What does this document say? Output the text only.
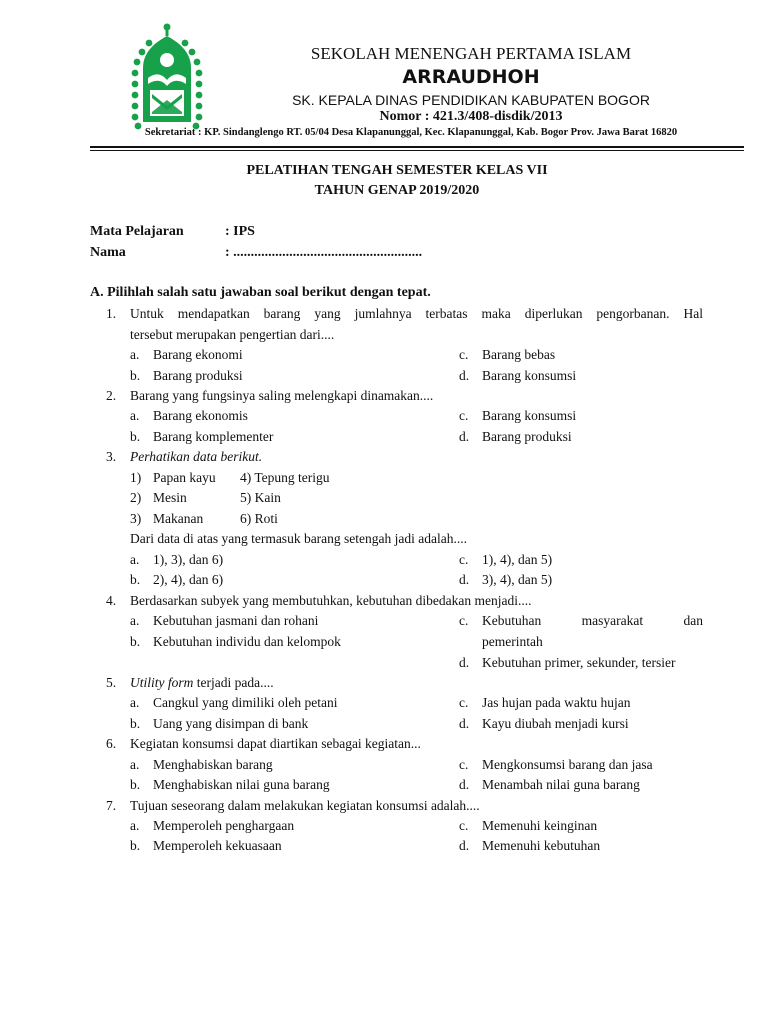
SEKOLAH MENENGAH PERTAMA ISLAM
ARRAUDHOH
SK. KEPALA DINAS PENDIDIKAN KABUPATEN BOGOR
Nomor : 421.3/408-disdik/2013
Sekretariat : KP. Sindanglengo RT. 05/04 Desa Klapanunggal, Kec. Klapanunggal, Kab. Bogor Prov. Jawa Barat 16820
PELATIHAN TENGAH SEMESTER KELAS VII
TAHUN GENAP 2019/2020
Mata Pelajaran	: IPS
Nama	: ......................................................
A. Pilihlah salah satu jawaban soal berikut dengan tepat.
1. Untuk mendapatkan barang yang jumlahnya terbatas maka diperlukan pengorbanan. Hal
tersebut merupakan pengertian dari....
a. Barang ekonomi	c. Barang bebas
b. Barang produksi	d. Barang konsumsi
2. Barang yang fungsinya saling melengkapi dinamakan....
a. Barang ekonomis	c. Barang konsumsi
b. Barang komplementer	d. Barang produksi
3. Perhatikan data berikut.
1) Papan kayu 4) Tepung terigu
2) Mesin	5) Kain
3) Makanan	6) Roti
Dari data di atas yang termasuk barang setengah jadi adalah....
a. 1), 3), dan 6)	c. 1), 4), dan 5)
b. 2), 4), dan 6)	d. 3), 4), dan 5)
4. Berdasarkan subyek yang membutuhkan, kebutuhan dibedakan menjadi....
a. Kebutuhan jasmani dan rohani	c. Kebutuhan masyarakat dan
pemerintah
b. Kebutuhan individu dan kelompok
d. Kebutuhan primer, sekunder, tersier
5. Utility form terjadi pada....
a. Cangkul yang dimiliki oleh petani	c. Jas hujan pada waktu hujan
b. Uang yang disimpan di bank	d. Kayu diubah menjadi kursi
6. Kegiatan konsumsi dapat diartikan sebagai kegiatan...
a. Menghabiskan barang	c. Mengkonsumsi barang dan jasa
b. Menghabiskan nilai guna barang	d. Menambah nilai guna barang
7. Tujuan seseorang dalam melakukan kegiatan konsumsi adalah....
a. Memperoleh penghargaan	c. Memenuhi keinginan
b. Memperoleh kekuasaan	d. Memenuhi kebutuhan
